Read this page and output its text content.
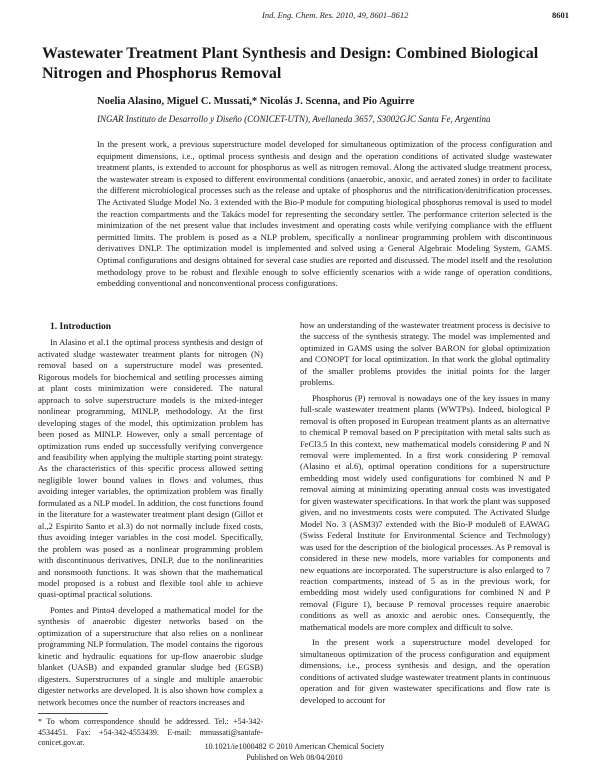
Ind. Eng. Chem. Res. 2010, 49, 8601–8612	8601
Wastewater Treatment Plant Synthesis and Design: Combined Biological Nitrogen and Phosphorus Removal
Noelia Alasino, Miguel C. Mussati,* Nicolás J. Scenna, and Pio Aguirre
INGAR Instituto de Desarrollo y Diseño (CONICET-UTN), Avellaneda 3657, S3002GJC Santa Fe, Argentina

In the present work, a previous superstructure model developed for simultaneous optimization of the process configuration and equipment dimensions, i.e., optimal process synthesis and design and the operation conditions of activated sludge wastewater treatment plants, is extended to account for phosphorus as well as nitrogen removal. Along the activated sludge treatment process, the wastewater stream is exposed to different environmental conditions (anaerobic, anoxic, and aerated zones) in order to facilitate the different microbiological processes such as the release and uptake of phosphorus and the nitrification/denitrification processes. The Activated Sludge Model No. 3 extended with the Bio-P module for computing biological phosphorus removal is used to model the reaction compartments and the Takács model for representing the secondary settler. The performance criterion selected is the minimization of the net present value that includes investment and operating costs while verifying compliance with the effluent permitted limits. The problem is posed as a NLP problem, specifically a nonlinear programming problem with discontinuous derivatives DNLP. The optimization model is implemented and solved using a General Algebraic Modeling System, GAMS. Optimal configurations and designs obtained for several case studies are reported and discussed. The model itself and the resolution methodology prove to be robust and flexible enough to solve efficiently scenarios with a wide range of operation conditions, embedding conventional and nonconventional process configurations.

1. Introduction

In Alasino et al.1 the optimal process synthesis and design of activated sludge wastewater treatment plants for nitrogen (N) removal based on a superstructure model was presented. Rigorous models for biochemical and settling processes aiming at plant costs minimization were considered. The natural approach to solve superstructure models is the mixed-integer nonlinear programming, MINLP, methodology. At the first developing stages of the model, this optimization problem has been posed as MINLP. However, only a small percentage of optimization runs ended up successfully verifying convergence and feasibility when applying the multiple starting point strategy. As the characteristics of this specific process allowed setting negligible lower bound values in flows and volumes, thus avoiding integer variables, the optimization problem was finally formulated as a NLP model. In addition, the cost functions found in the literature for a wastewater treatment plant design (Gillot et al.,2 Espirito Santo et al.3) do not normally include fixed costs, thus avoiding integer variables in the cost model. Specifically, the problem was posed as a nonlinear programming problem with discontinuous derivatives, DNLP, due to the nonlinearities and nonsmooth functions. It was shown that the mathematical model proposed is a robust and flexible tool able to achieve quasi-optimal practical solutions.

Pontes and Pinto4 developed a mathematical model for the synthesis of anaerobic digester networks based on the optimization of a superstructure that also relies on a nonlinear programming NLP formulation. The model contains the rigorous kinetic and hydraulic equations for up-flow anaerobic sludge blanket (UASB) and expanded granular sludge bed (EGSB) digesters. Superstructures of a single and multiple anaerobic digester networks are developed. It is also shown how complex a network becomes once the number of reactors increases and

how an understanding of the wastewater treatment process is decisive to the success of the synthesis strategy. The model was implemented and optimized in GAMS using the solver BARON for global optimization and CONOPT for local optimization. In that work the global optimality of the smaller problems provides the initial points for the larger problems.

Phosphorus (P) removal is nowadays one of the key issues in many full-scale wastewater treatment plants (WWTPs). Indeed, biological P removal is often proposed in European treatment plants as an alternative to chemical P removal based on P precipitation with metal salts such as FeCl3.5 In this context, new mathematical models considering P and N removal were implemented. In a first work considering P removal (Alasino et al.6), optimal operation conditions for a superstructure embedding most widely used configurations for combined N and P removal aiming at minimizing operating annual costs was investigated for given wastewater specifications. In that work the plant was supposed given, and no investments costs were computed. The Activated Sludge Model No. 3 (ASM3)7 extended with the Bio-P module8 of EAWAG (Swiss Federal Institute for Environmental Science and Technology) was used for the description of the biological processes. As P removal is considered in these new models, more variables for components and new equations are incorporated. The superstructure is also enlarged to 7 reaction compartments, instead of 5 as in the previous work, for embedding most widely used configurations for combined N and P removal (Figure 1), because P removal processes require anaerobic conditions as well as anoxic and aerobic ones. Consequently, the mathematical models are more complex and difficult to solve.

In the present work a superstructure model developed for simultaneous optimization of the process configuration and equipment dimensions, i.e., process synthesis and design, and the operation conditions of activated sludge wastewater treatment plants in continuous operation and for given wastewater specifications and flow rate is developed to account for

* To whom correspondence should be addressed. Tel.: +54-342-4534451. Fax: +54-342-4553439. E-mail: mmussati@santafe-conicet.gov.ar.	10.1021/ie1000482 © 2010 American Chemical Society
Published on Web 08/04/2010
